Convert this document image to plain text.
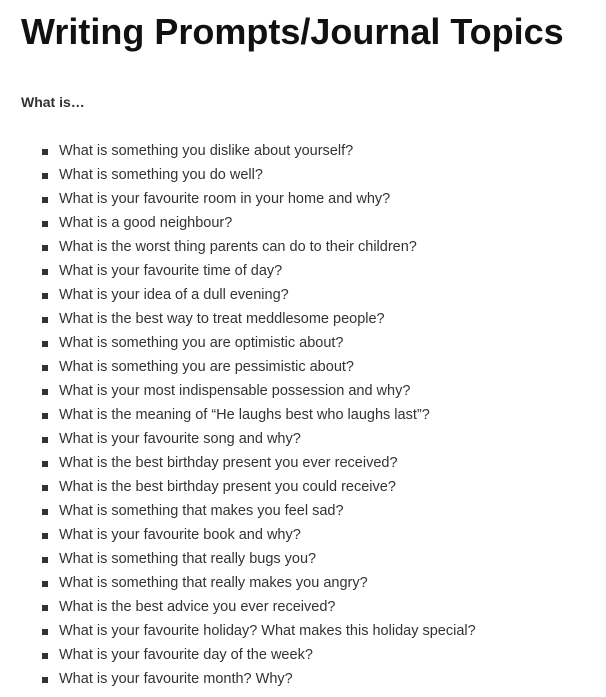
Writing Prompts/Journal Topics

What is…

What is something you dislike about yourself?
What is something you do well?
What is your favourite room in your home and why?
What is a good neighbour?
What is the worst thing parents can do to their children?
What is your favourite time of day?
What is your idea of a dull evening?
What is the best way to treat meddlesome people?
What is something you are optimistic about?
What is something you are pessimistic about?
What is your most indispensable possession and why?
What is the meaning of “He laughs best who laughs last”?
What is your favourite song and why?
What is the best birthday present you ever received?
What is the best birthday present you could receive?
What is something that makes you feel sad?
What is your favourite book and why?
What is something that really bugs you?
What is something that really makes you angry?
What is the best advice you ever received?
What is your favourite holiday? What makes this holiday special?
What is your favourite day of the week?
What is your favourite month? Why?
